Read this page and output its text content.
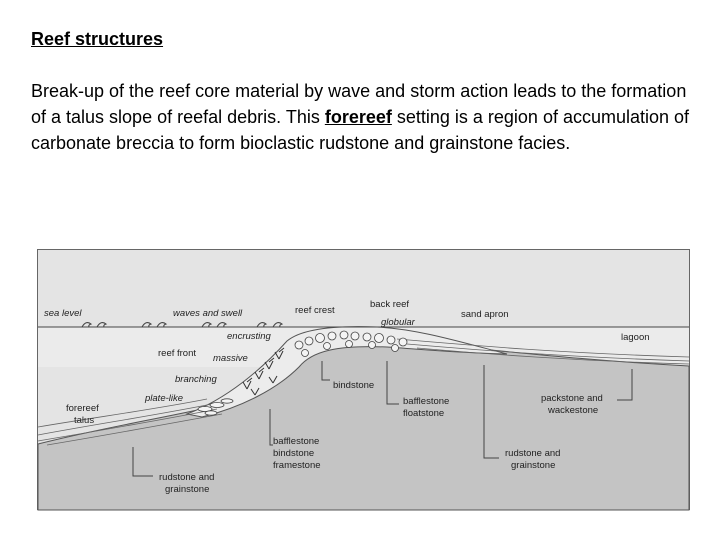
Reef structures
Break-up of the reef core material by wave and storm action leads to the formation of a talus slope of reefal debris. This forereef setting is a region of accumulation of carbonate breccia to form bioclastic rudstone and grainstone facies.
sea level	waves and swell	reef crest
back reef
globular
sand apron
lagoon
encrusting
reef front massive
branching
plate-like
forereef
talus
bindstone
bafflestone
floatstone
packstone and
wackestone
rudstone and
grainstone
bafflestone
bindstone
framestone
rudstone and
grainstone
